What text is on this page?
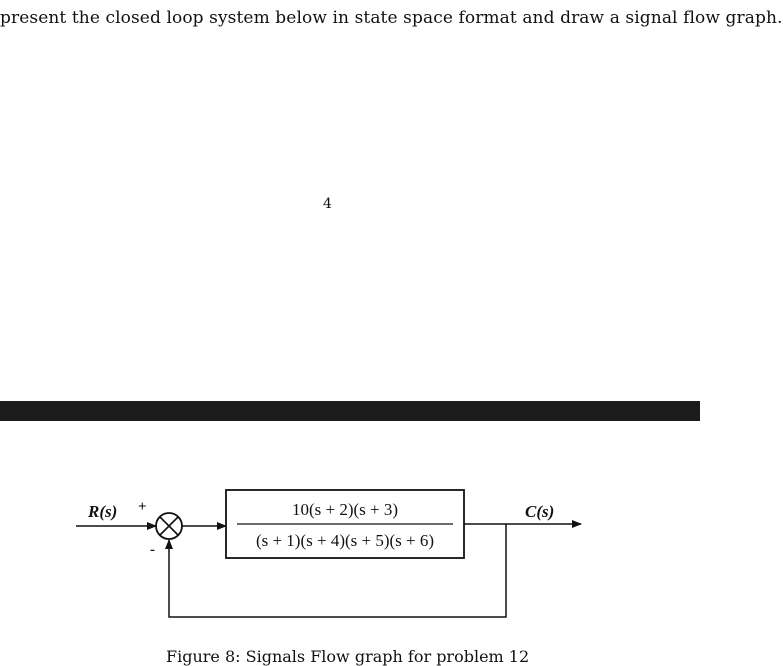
present the closed loop system below in state space format and draw a signal flow graph.
4
10(s + 2)(s + 3)
(s + 1)(s + 4)(s + 5)(s + 6)
R(s) +
-
C(s)
Figure 8: Signals Flow graph for problem 12
